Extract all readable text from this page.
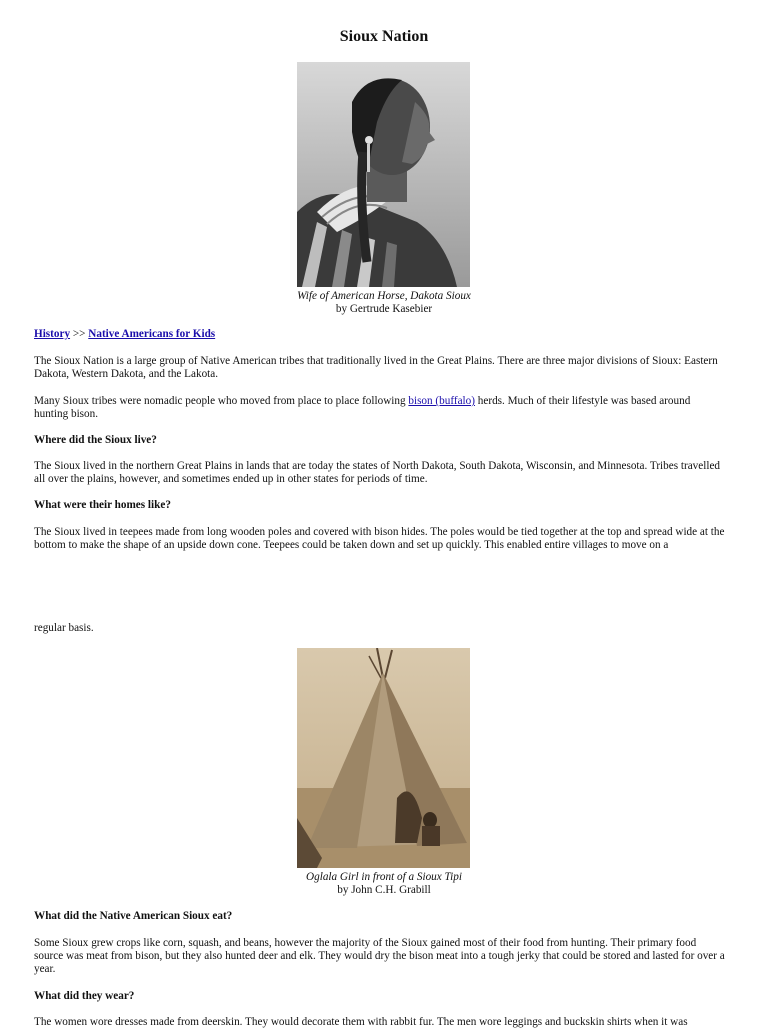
Sioux Nation
Wife of American Horse, Dakota Sioux
by Gertrude Kasebier
History >> Native Americans for Kids

The Sioux Nation is a large group of Native American tribes that traditionally lived in the Great Plains. There are three major divisions of Sioux: Eastern Dakota, Western Dakota, and the Lakota.

Many Sioux tribes were nomadic people who moved from place to place following bison (buffalo) herds. Much of their lifestyle was based around hunting bison.

Where did the Sioux live?

The Sioux lived in the northern Great Plains in lands that are today the states of North Dakota, South Dakota, Wisconsin, and Minnesota. Tribes travelled all over the plains, however, and sometimes ended up in other states for periods of time.

What were their homes like?

The Sioux lived in teepees made from long wooden poles and covered with bison hides. The poles would be tied together at the top and spread wide at the bottom to make the shape of an upside down cone. Teepees could be taken down and set up quickly. This enabled entire villages to move on a

regular basis.

Oglala Girl in front of a Sioux Tipi
by John C.H. Grabill
What did the Native American Sioux eat?

Some Sioux grew crops like corn, squash, and beans, however the majority of the Sioux gained most of their food from hunting. Their primary food source was meat from bison, but they also hunted deer and elk. They would dry the bison meat into a tough jerky that could be stored and lasted for over a year.

What did they wear?

The women wore dresses made from deerskin. They would decorate them with rabbit fur. The men wore leggings and buckskin shirts when it was
